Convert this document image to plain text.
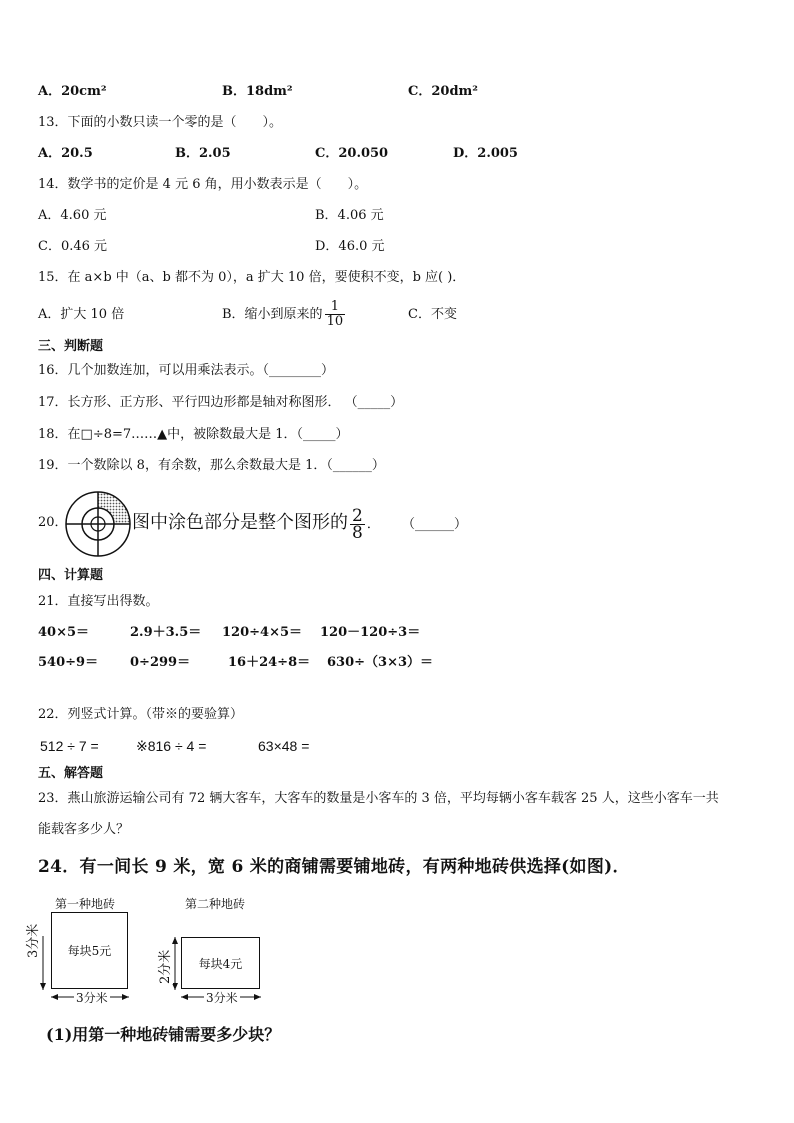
A．20cm²	B．18dm²	C．20dm²
13．下面的小数只读一个零的是（　　）。
A．20.5	B．2.05	C．20.050	D．2.005
14．数学书的定价是 4 元 6 角，用小数表示是（　　）。
A．4.60 元	B．4.06 元
C．0.46 元	D．46.0 元
15．在 a×b 中（a、b 都不为 0），a 扩大 10 倍，要使积不变，b 应( )．
A．扩大 10 倍	B．缩小到原来的 $\frac{1}{10}$	C．不变
三、判断题
16．几个加数连加，可以用乘法表示。（________）
17．长方形、正方形、平行四边形都是轴对称图形． （_____）
18．在□÷8=7……▲中，被除数最大是 1．（_____）
19．一个数除以 8，有余数，那么余数最大是 1．（______）
20．	图中涂色部分是整个图形的 $\frac{2}{8}$ ． （______）
四、计算题
21．直接写出得数。
40×5＝	2.9＋3.5＝ 120÷4×5＝ 120－120÷3＝
540÷9＝ 0÷299＝	16＋24÷8＝ 630÷（3×3）＝
22．列竖式计算。（带※的要验算）
512 ÷ 7 =	※816 ÷ 4 =	63×48 =
五、解答题
23．燕山旅游运输公司有 72 辆大客车，大客车的数量是小客车的 3 倍，平均每辆小客车载客 25 人，这些小客车一共
能载客多少人？
24．有一间长 9 米，宽 6 米的商铺需要铺地砖，有两种地砖供选择(如图)．
第一种地砖
每块5元
3分米
3分米
第二种地砖
每块4元
2分米
3分米
(1)用第一种地砖铺需要多少块？
